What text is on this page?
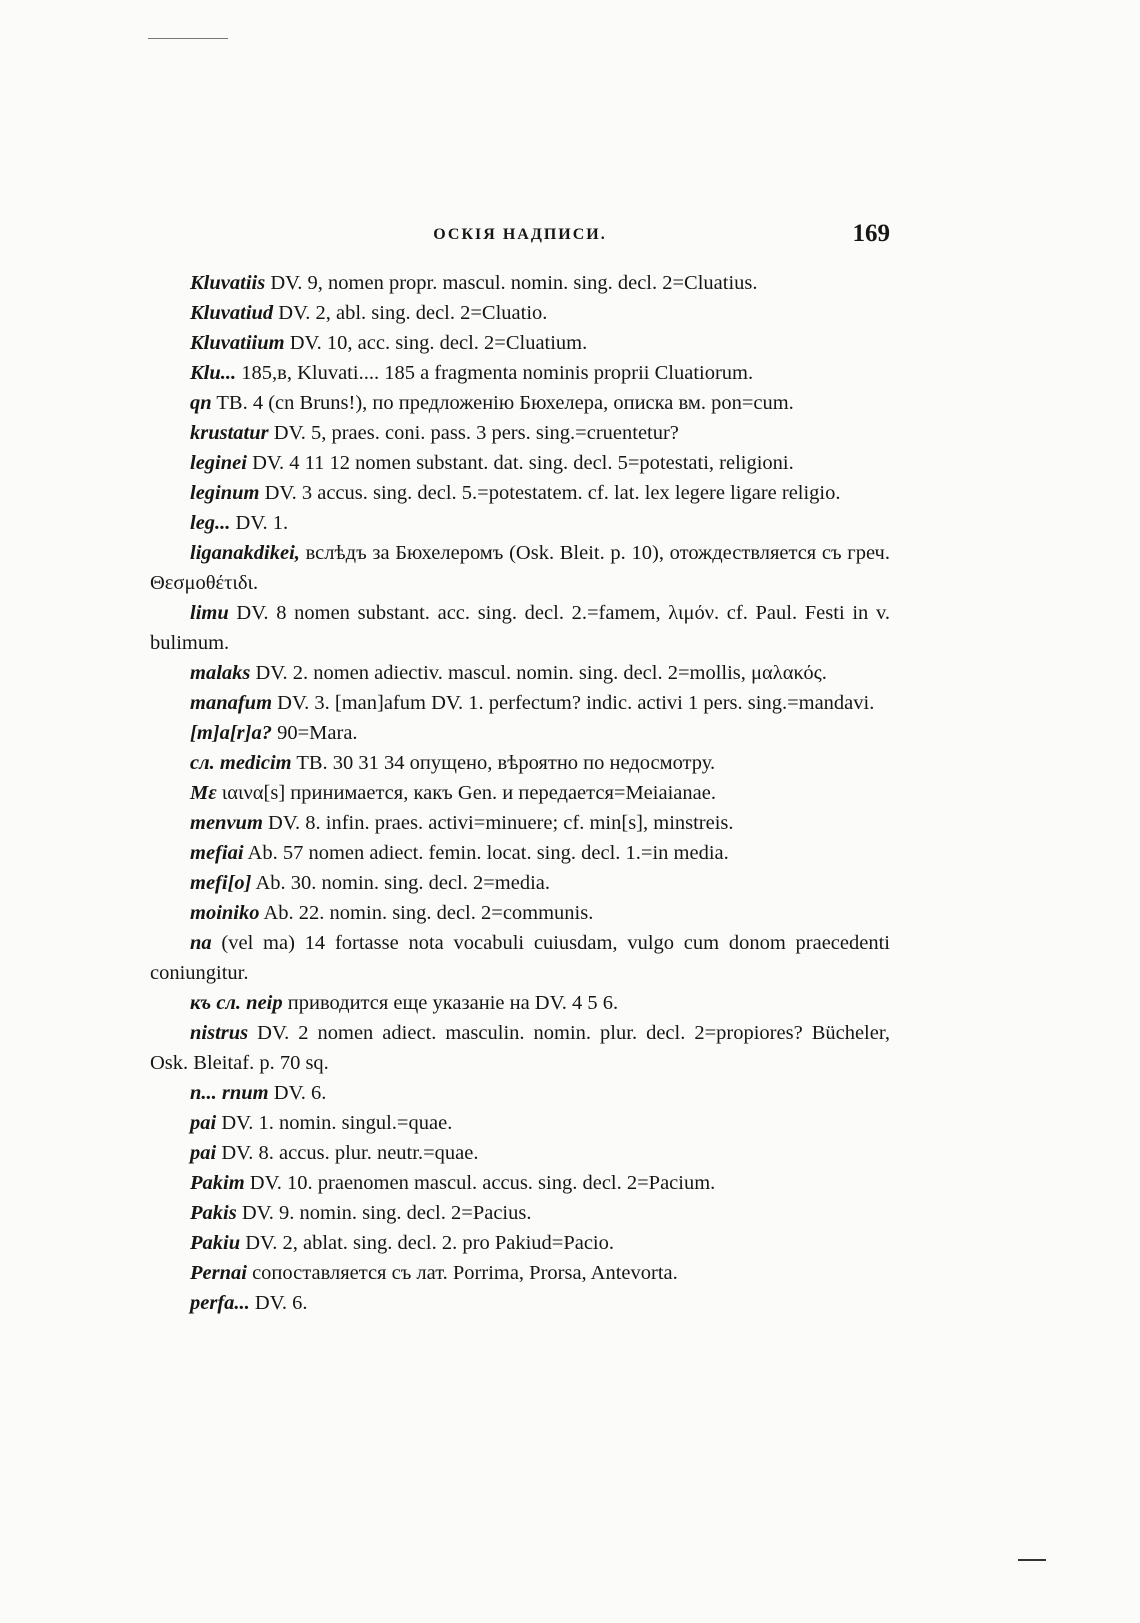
ОСКІЯ НАДПИСИ.	169

Kluvatiis DV. 9, nomen propr. mascul. nomin. sing. decl. 2=Cluatius.

Kluvatiud DV. 2, abl. sing. decl. 2=Cluatio.

Kluvatiium DV. 10, acc. sing. decl. 2=Cluatium.

Klu... 185,в, Kluvati.... 185 a fragmenta nominis proprii Cluatiorum.

qn TB. 4 (cn Bruns!), по предложенію Бюхелера, описка вм. pon=cum.

krustatur DV. 5, praes. coni. pass. 3 pers. sing.=cruentetur?

leginei DV. 4 11 12 nomen substant. dat. sing. decl. 5=potestati, religioni.

leginum DV. 3 accus. sing. decl. 5.=potestatem. cf. lat. lex legere ligare religio.

leg... DV. 1.

liganakdikei, вслѣдъ за Бюхелеромъ (Osk. Bleit. p. 10), отождествляется съ греч. Θεσμοθέτιδι.

limu DV. 8 nomen substant. acc. sing. decl. 2.=famem, λιμόν. cf. Paul. Festi in v. bulimum.

malaks DV. 2. nomen adiectiv. mascul. nomin. sing. decl. 2=mollis, μαλακός.

manafum DV. 3. [man]afum DV. 1. perfectum? indic. activi 1 pers. sing.=mandavi.

[m]a[r]a? 90=Mara.

сл. medicim TB. 30 31 34 опущено, вѣроятно по недосмотру.

Мε ιαινα[s] принимается, какъ Gen. и передается=Meiaianae.

menvum DV. 8. infin. praes. activi=minuere; cf. min[s], minstreis.

mefiai Ab. 57 nomen adiect. femin. locat. sing. decl. 1.=in media.

mefi[o] Ab. 30. nomin. sing. decl. 2=media.

moiniko Ab. 22. nomin. sing. decl. 2=communis.

na (vel ma) 14 fortasse nota vocabuli cuiusdam, vulgo cum donom praecedenti coniungitur.

къ сл. neip приводится еще указаніе на DV. 4 5 6.

nistrus DV. 2 nomen adiect. masculin. nomin. plur. decl. 2=propiores? Bücheler, Osk. Bleitaf. p. 70 sq.

n... rnum DV. 6.

pai DV. 1. nomin. singul.=quae.

pai DV. 8. accus. plur. neutr.=quae.

Pakim DV. 10. praenomen mascul. accus. sing. decl. 2=Pacium.

Pakis DV. 9. nomin. sing. decl. 2=Pacius.

Pakiu DV. 2, ablat. sing. decl. 2. pro Pakiud=Pacio.

Pernai сопоставляется съ лат. Porrima, Prorsa, Antevorta.

perfa... DV. 6.
